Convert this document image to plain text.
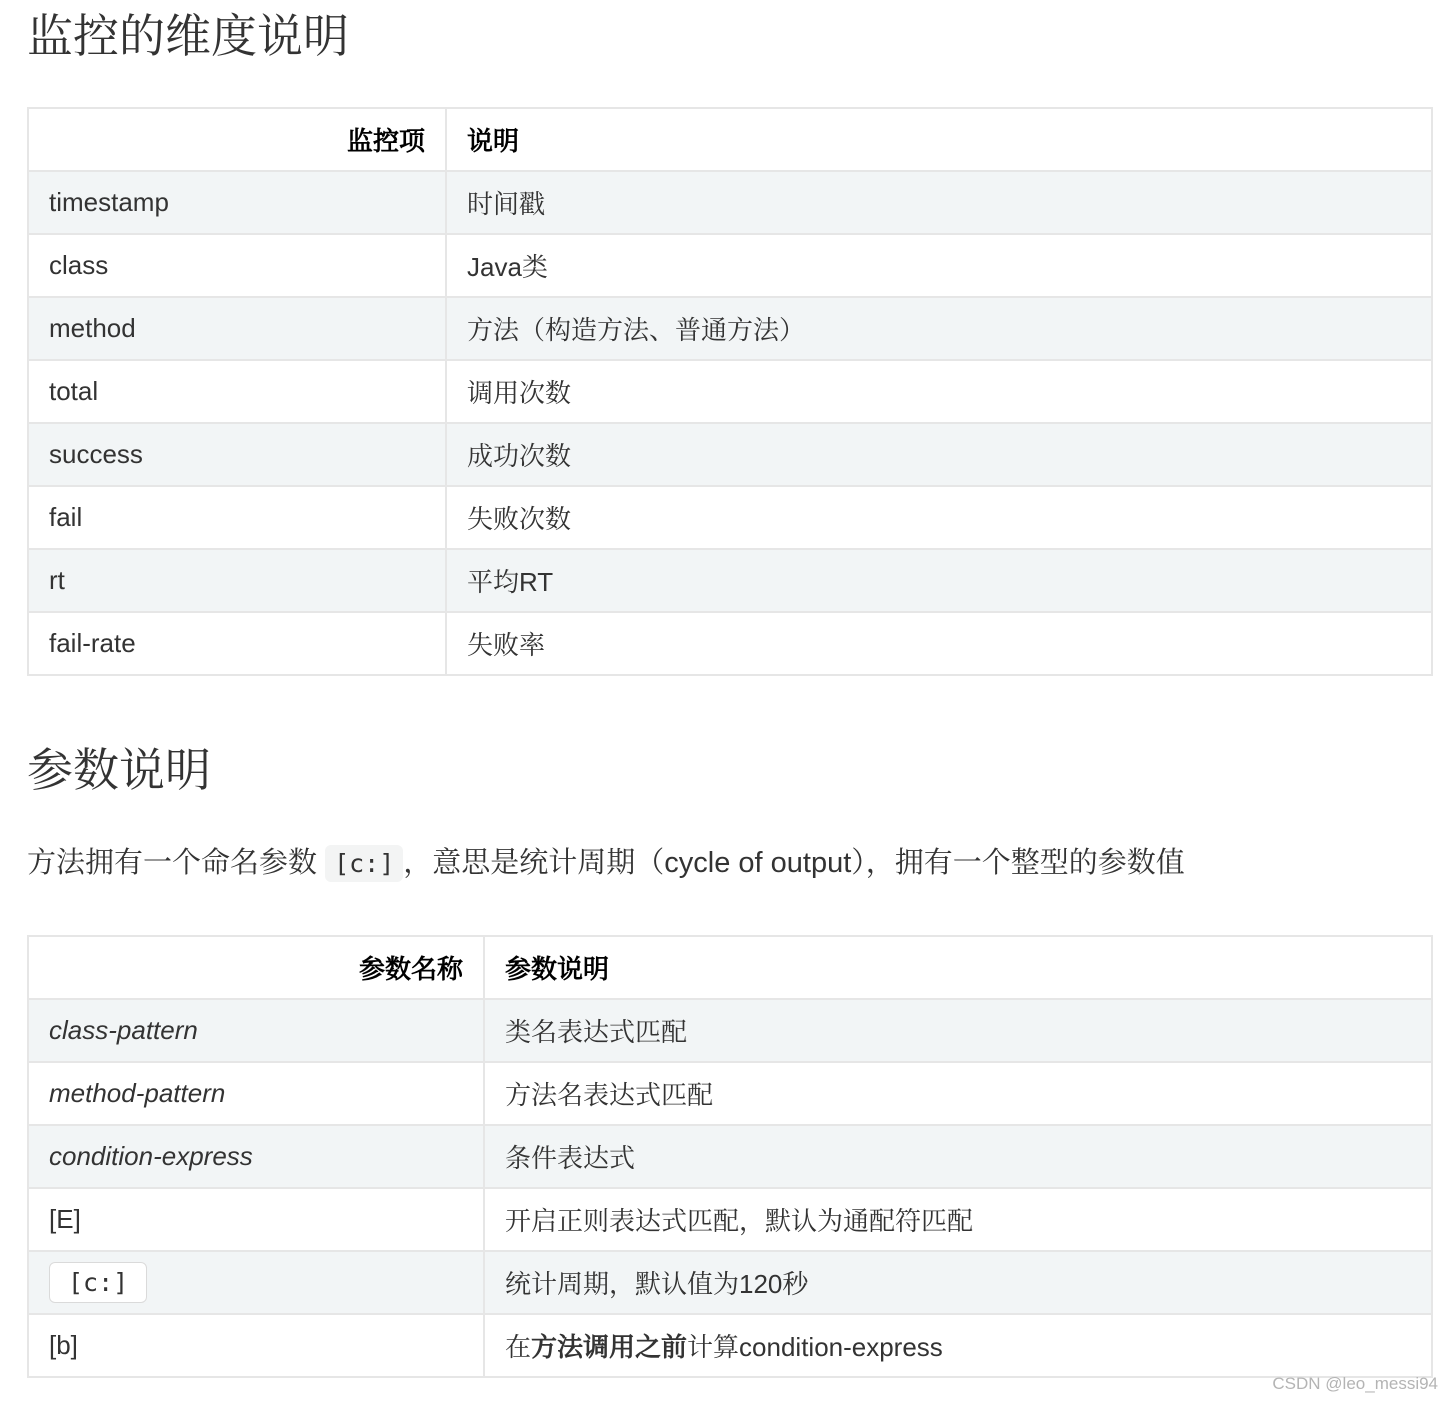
监控的维度说明
监控项	说明
timestamp	时间戳
class	Java类
method	方法（构造方法、普通方法）
total	调用次数
success	成功次数
fail	失败次数
rt	平均RT
fail-rate	失败率
参数说明

方法拥有一个命名参数 [c:] ，意思是统计周期（cycle of output），拥有一个整型的参数值

参数名称	参数说明
class-pattern	类名表达式匹配
method-pattern	方法名表达式匹配
condition-express	条件表达式
[E]	开启正则表达式匹配，默认为通配符匹配
[c:]	统计周期，默认值为120秒
[b]	在方法调用之前计算condition-express
CSDN @leo_messi94
